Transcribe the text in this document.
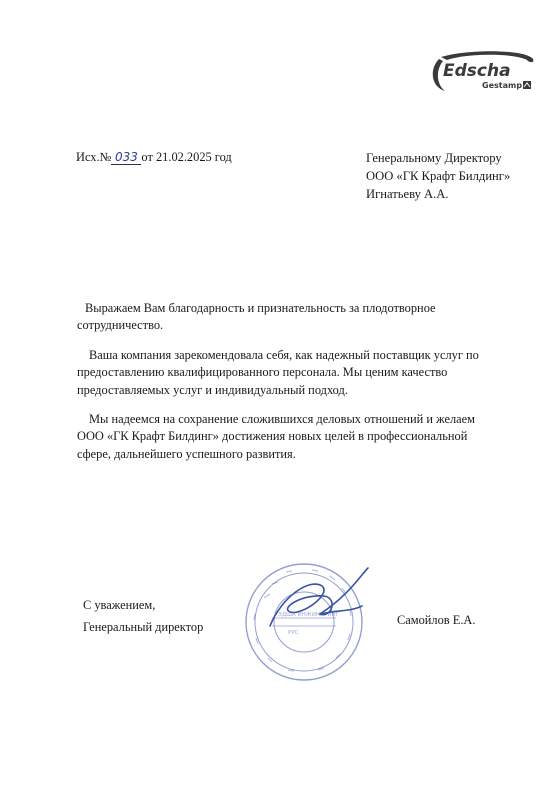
Edscha
Gestamp
Исх.№ 033 от 21.02.2025 год	Генеральному Директору
ООО «ГК Крафт Билдинг»
Игнатьеву А.А.

Выражаем Вам благодарность и признательность за плодотворное сотрудничество.

Ваша компания зарекомендовала себя, как надежный поставщик услуг по предоставлению квалифицированного персонала. Мы ценим качество предоставляемых услуг и индивидуальный подход.

Мы надеемся на сохранение сложившихся деловых отношений и желаем ООО «ГК Крафт Билдинг» достижения новых целей в профессиональной сфере, дальнейшего успешного развития.

С уважением,
Генеральный директор	Самойлов Е.А.
ЭДША ИНЖИНИРИНГ
РУС
